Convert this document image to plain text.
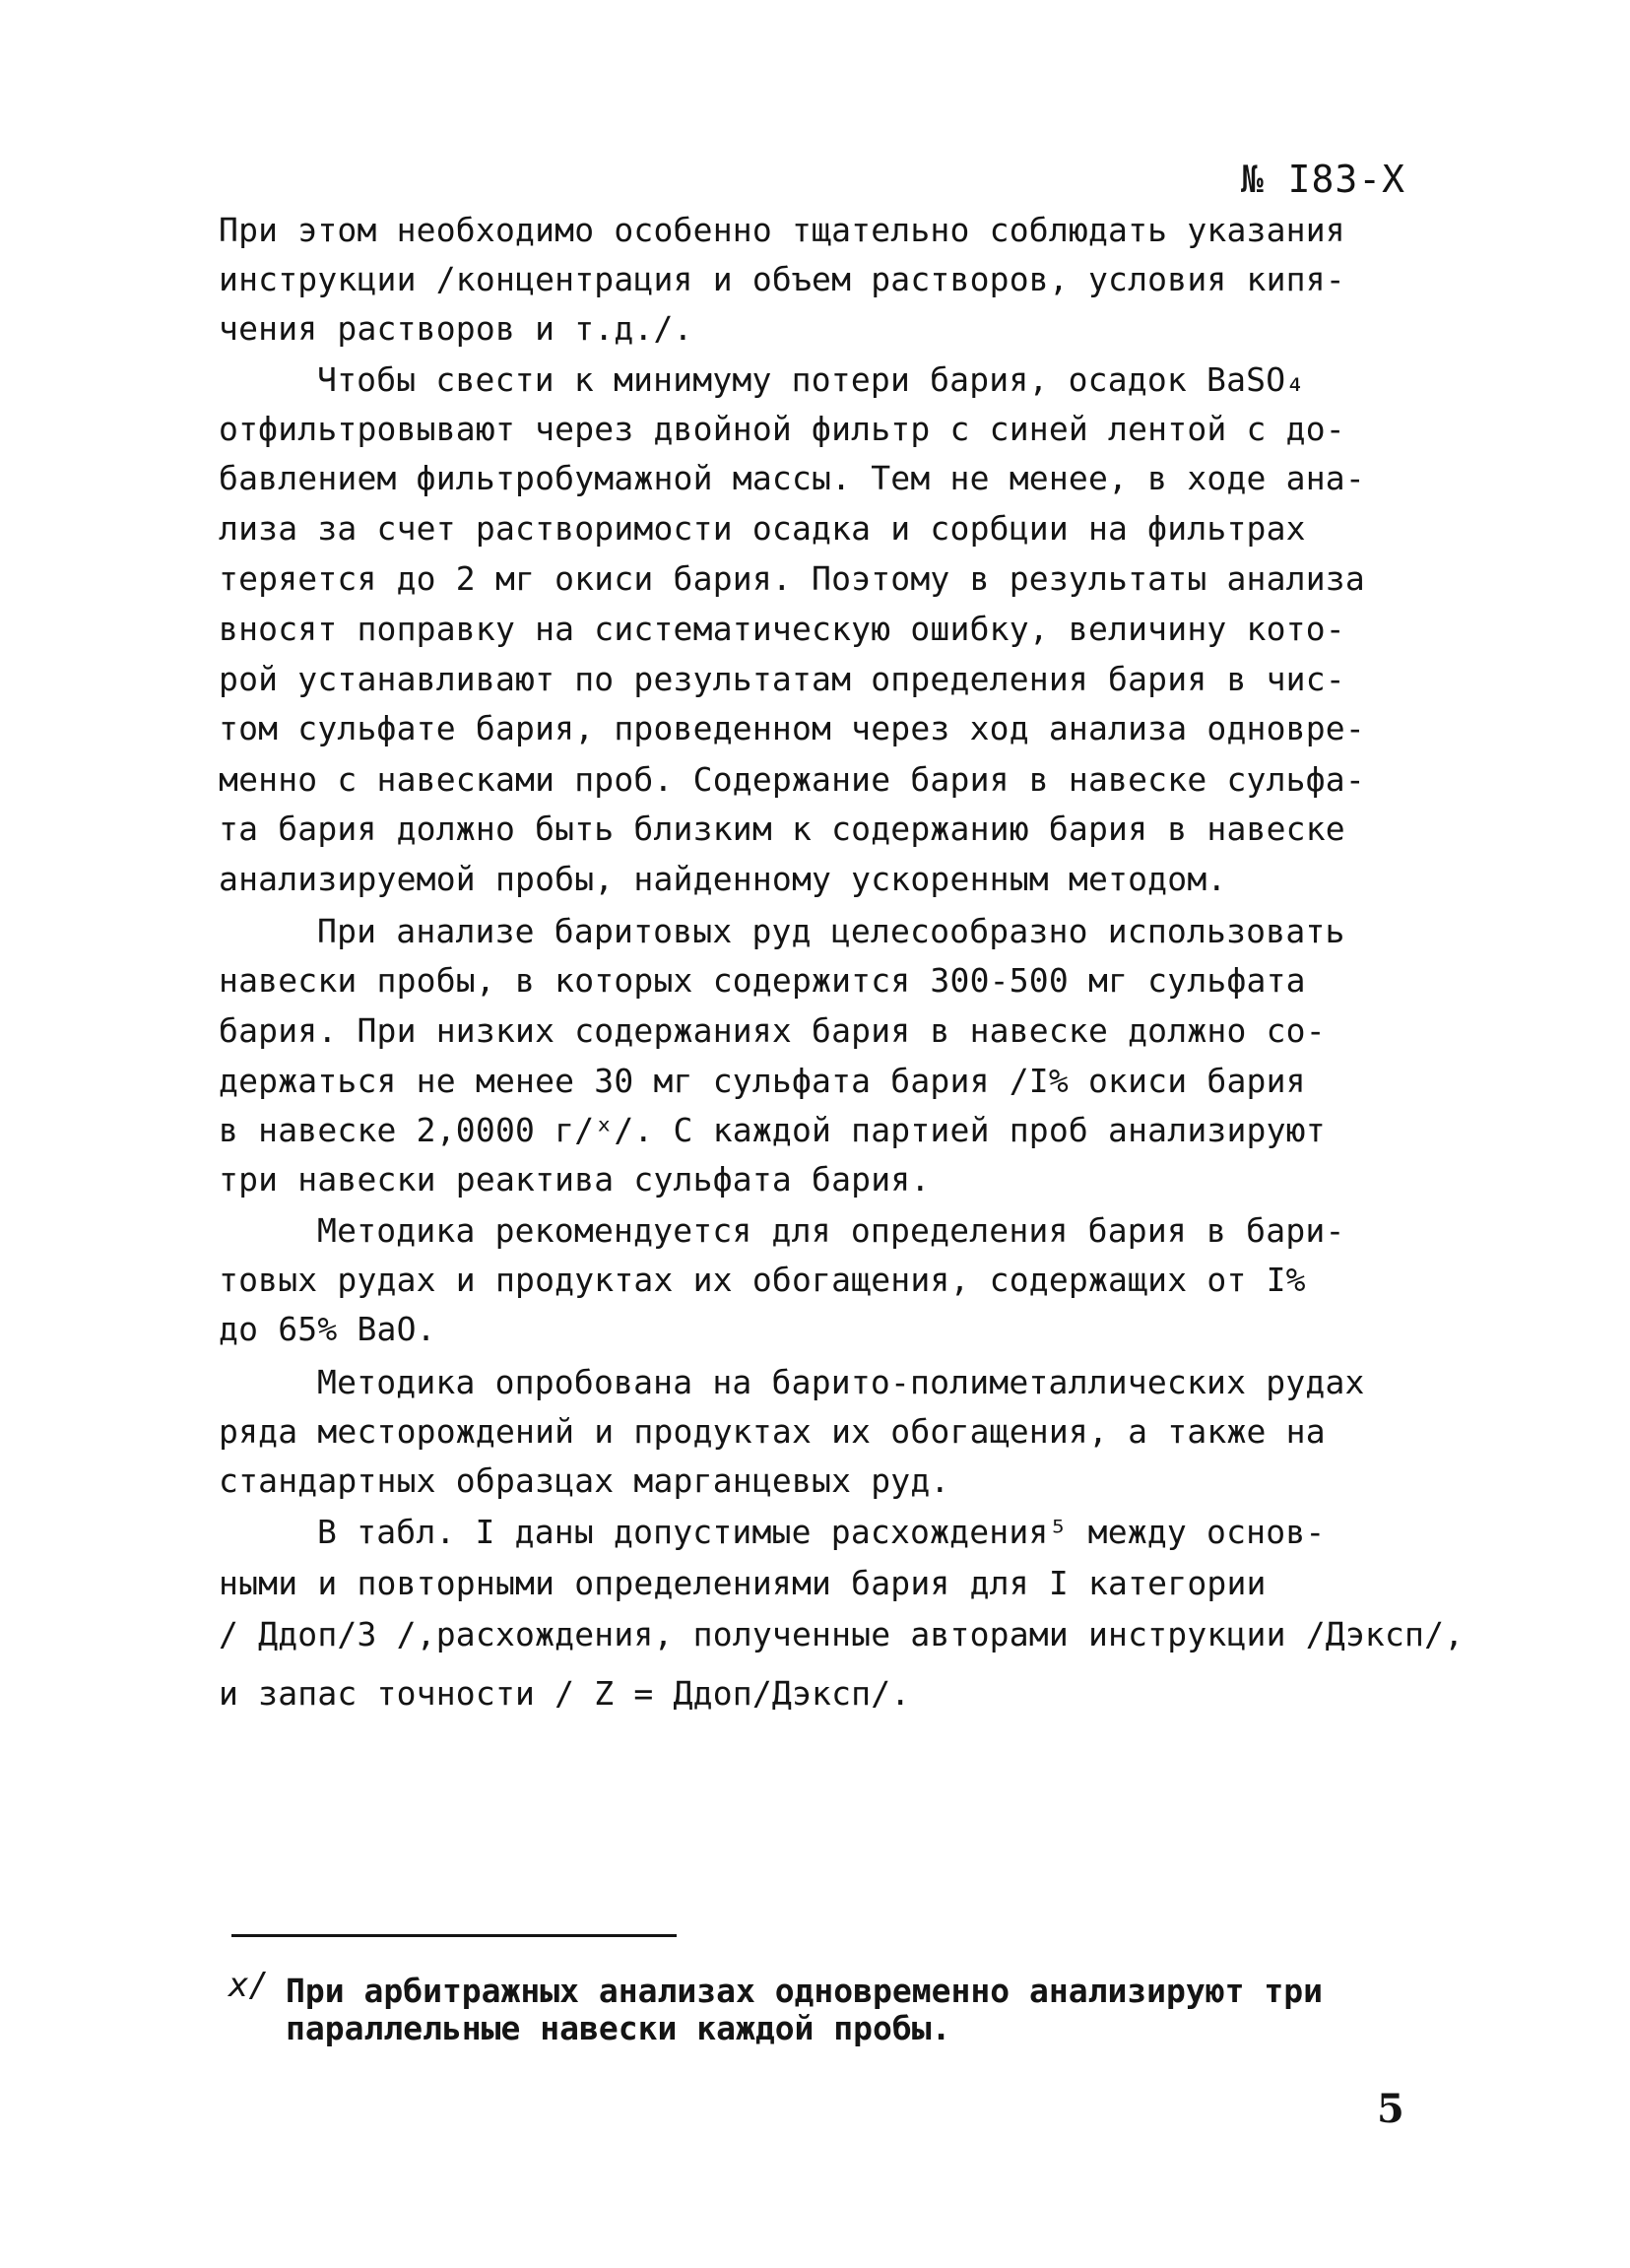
№ I83-X
При этом необходимо особенно тщательно соблюдать указания
инструкции /концентрация и объем растворов, условия кипя-
чения растворов и т.д./.
Чтобы свести к минимуму потери бария, осадок BaSO₄
отфильтровывают через двойной фильтр с синей лентой с до-
бавлением фильтробумажной массы. Тем не менее, в ходе ана-
лиза за счет растворимости осадка и сорбции на фильтрах
теряется до 2 мг окиси бария. Поэтому в результаты анализа
вносят поправку на систематическую ошибку, величину кото-
рой устанавливают по результатам определения бария в чис-
том сульфате бария, проведенном через ход анализа одновре-
менно с навесками проб. Содержание бария в навеске сульфа-
та бария должно быть близким к содержанию бария в навеске
анализируемой пробы, найденному ускоренным методом.
При анализе баритовых руд целесообразно использовать
навески пробы, в которых содержится 300-500 мг сульфата
бария. При низких содержаниях бария в навеске должно со-
держаться не менее 30 мг сульфата бария /I% окиси бария
в навеске 2,0000 г/ˣ/. С каждой партией проб анализируют
три навески реактива сульфата бария.
Методика рекомендуется для определения бария в бари-
товых рудах и продуктах их обогащения, содержащих от I%
до 65% BaO.
Методика опробована на барито-полиметаллических рудах
ряда месторождений и продуктах их обогащения, а также на
стандартных образцах марганцевых руд.
В табл. I даны допустимые расхождения⁵ между основ-
ными и повторными определениями бария для I категории
/ Ддоп/3 /,расхождения, полученные авторами инструкции /Дэксп/,
и запас точности / Z = Ддоп/Дэксп/.
x/ При арбитражных анализах одновременно анализируют три
параллельные навески каждой пробы.
5
